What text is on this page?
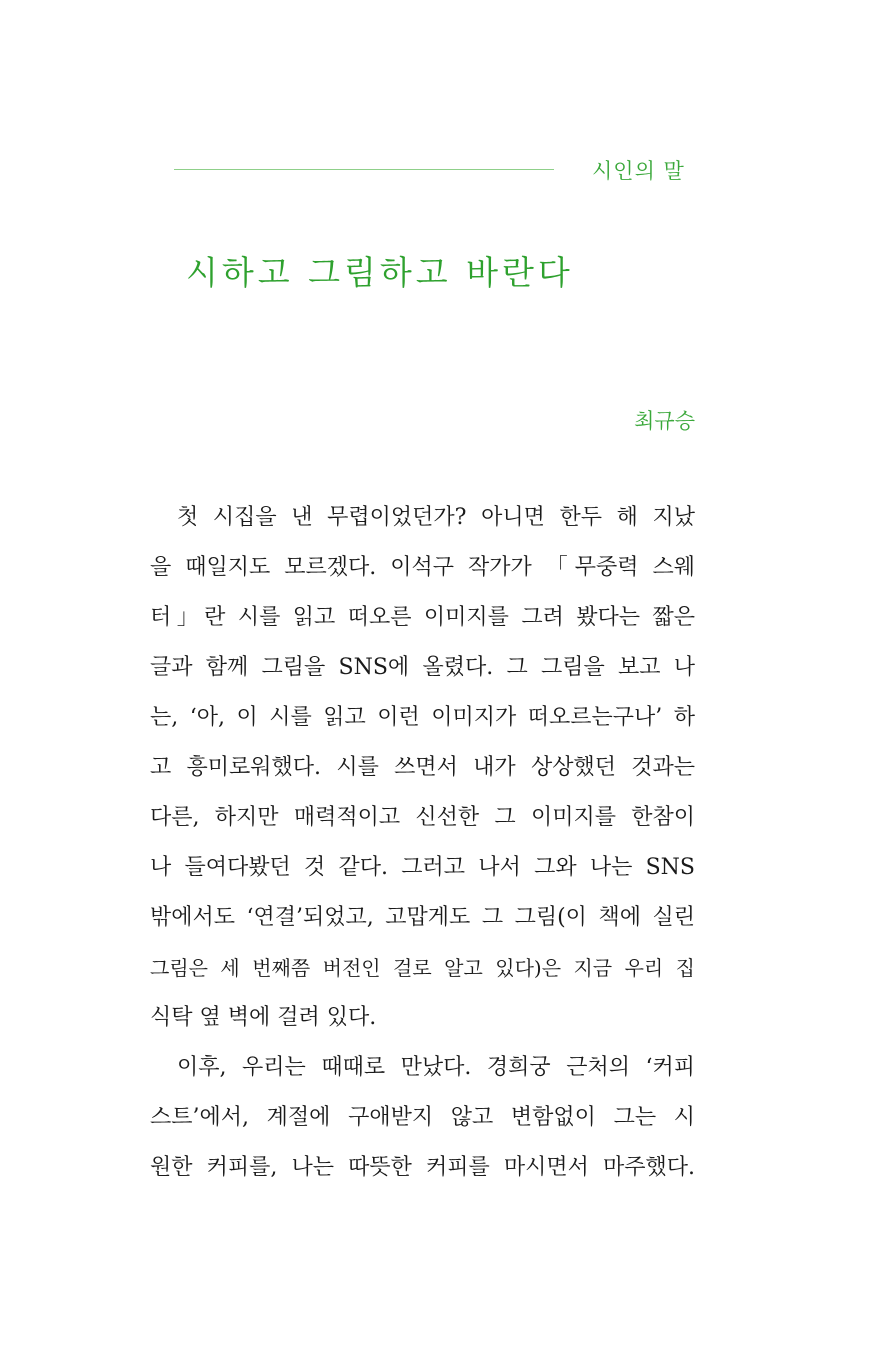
시인의 말
시하고 그림하고 바란다
최규승
첫 시집을 낸 무렵이었던가? 아니면 한두 해 지났
을 때일지도 모르겠다. 이석구 작가가 「무중력 스웨
터」란 시를 읽고 떠오른 이미지를 그려 봤다는 짧은
글과 함께 그림을 SNS에 올렸다. 그 그림을 보고 나
는, ‘아, 이 시를 읽고 이런 이미지가 떠오르는구나’ 하
고 흥미로워했다. 시를 쓰면서 내가 상상했던 것과는
다른, 하지만 매력적이고 신선한 그 이미지를 한참이
나 들여다봤던 것 같다. 그러고 나서 그와 나는 SNS
밖에서도 ‘연결’되었고, 고맙게도 그 그림(이 책에 실린
그림은 세 번째쯤 버전인 걸로 알고 있다)은 지금 우리 집
식탁 옆 벽에 걸려 있다.
이후, 우리는 때때로 만났다. 경희궁 근처의 ‘커피
스트’에서, 계절에 구애받지 않고 변함없이 그는 시
원한 커피를, 나는 따뜻한 커피를 마시면서 마주했다.
